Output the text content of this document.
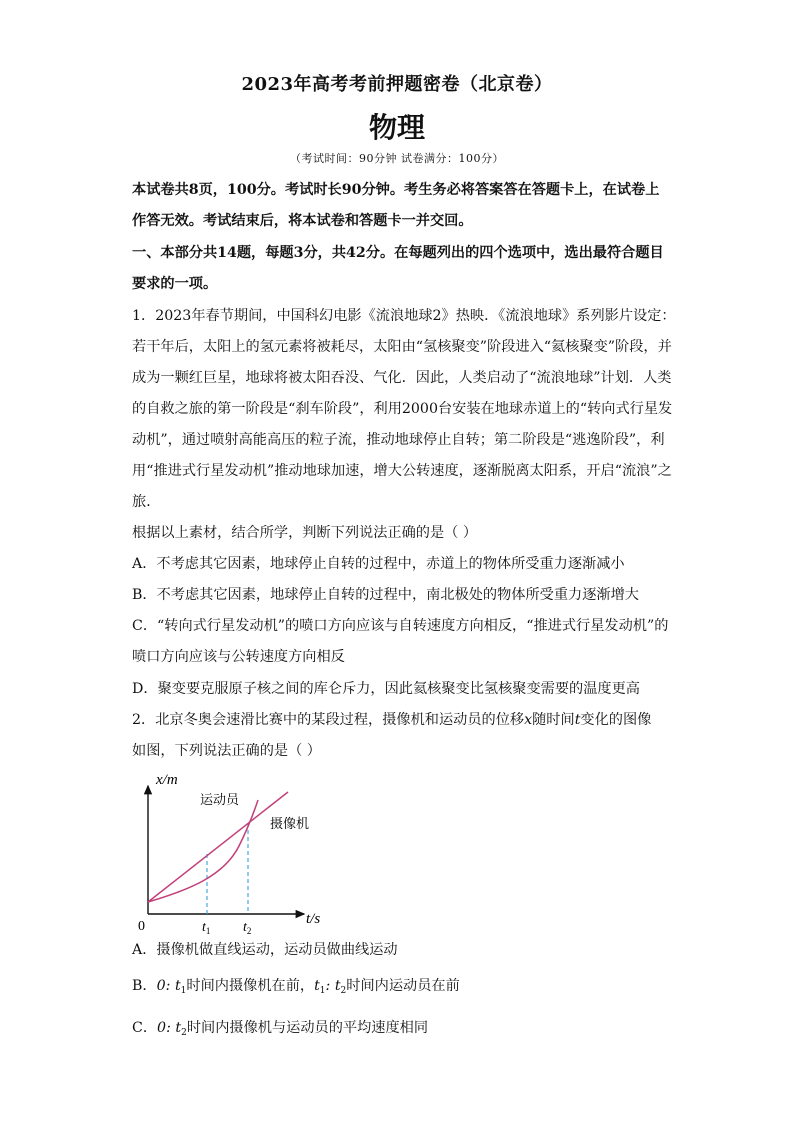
2023年高考考前押题密卷（北京卷）
物理
（考试时间：90分钟 试卷满分：100分）
本试卷共8页，100分。考试时长90分钟。考生务必将答案答在答题卡上，在试卷上
作答无效。考试结束后，将本试卷和答题卡一并交回。
一、本部分共14题，每题3分，共42分。在每题列出的四个选项中，选出最符合题目
要求的一项。
1．2023年春节期间，中国科幻电影《流浪地球2》热映．《流浪地球》系列影片设定：
若干年后，太阳上的氢元素将被耗尽，太阳由“氢核聚变”阶段进入“氦核聚变”阶段，并
成为一颗红巨星，地球将被太阳吞没、气化．因此，人类启动了“流浪地球”计划．人类
的自救之旅的第一阶段是“刹车阶段”，利用2000台安装在地球赤道上的“转向式行星发
动机”，通过喷射高能高压的粒子流，推动地球停止自转；第二阶段是“逃逸阶段”，利
用“推进式行星发动机”推动地球加速，增大公转速度，逐渐脱离太阳系，开启“流浪”之
旅．
根据以上素材，结合所学，判断下列说法正确的是（ ）
A．不考虑其它因素，地球停止自转的过程中，赤道上的物体所受重力逐渐减小
B．不考虑其它因素，地球停止自转的过程中，南北极处的物体所受重力逐渐增大
C．“转向式行星发动机”的喷口方向应该与自转速度方向相反，“推进式行星发动机”的
喷口方向应该与公转速度方向相反
D．聚变要克服原子核之间的库仑斥力，因此氦核聚变比氢核聚变需要的温度更高
2．北京冬奥会速滑比赛中的某段过程，摄像机和运动员的位移x随时间t变化的图像
如图，下列说法正确的是（ ）
x/m
t/s
0
运动员
摄像机
$t_1$ $t_2$
A．摄像机做直线运动，运动员做曲线运动
B．0: $t_1$时间内摄像机在前，$t_1$: $t_2$时间内运动员在前
C．0: $t_2$时间内摄像机与运动员的平均速度相同
